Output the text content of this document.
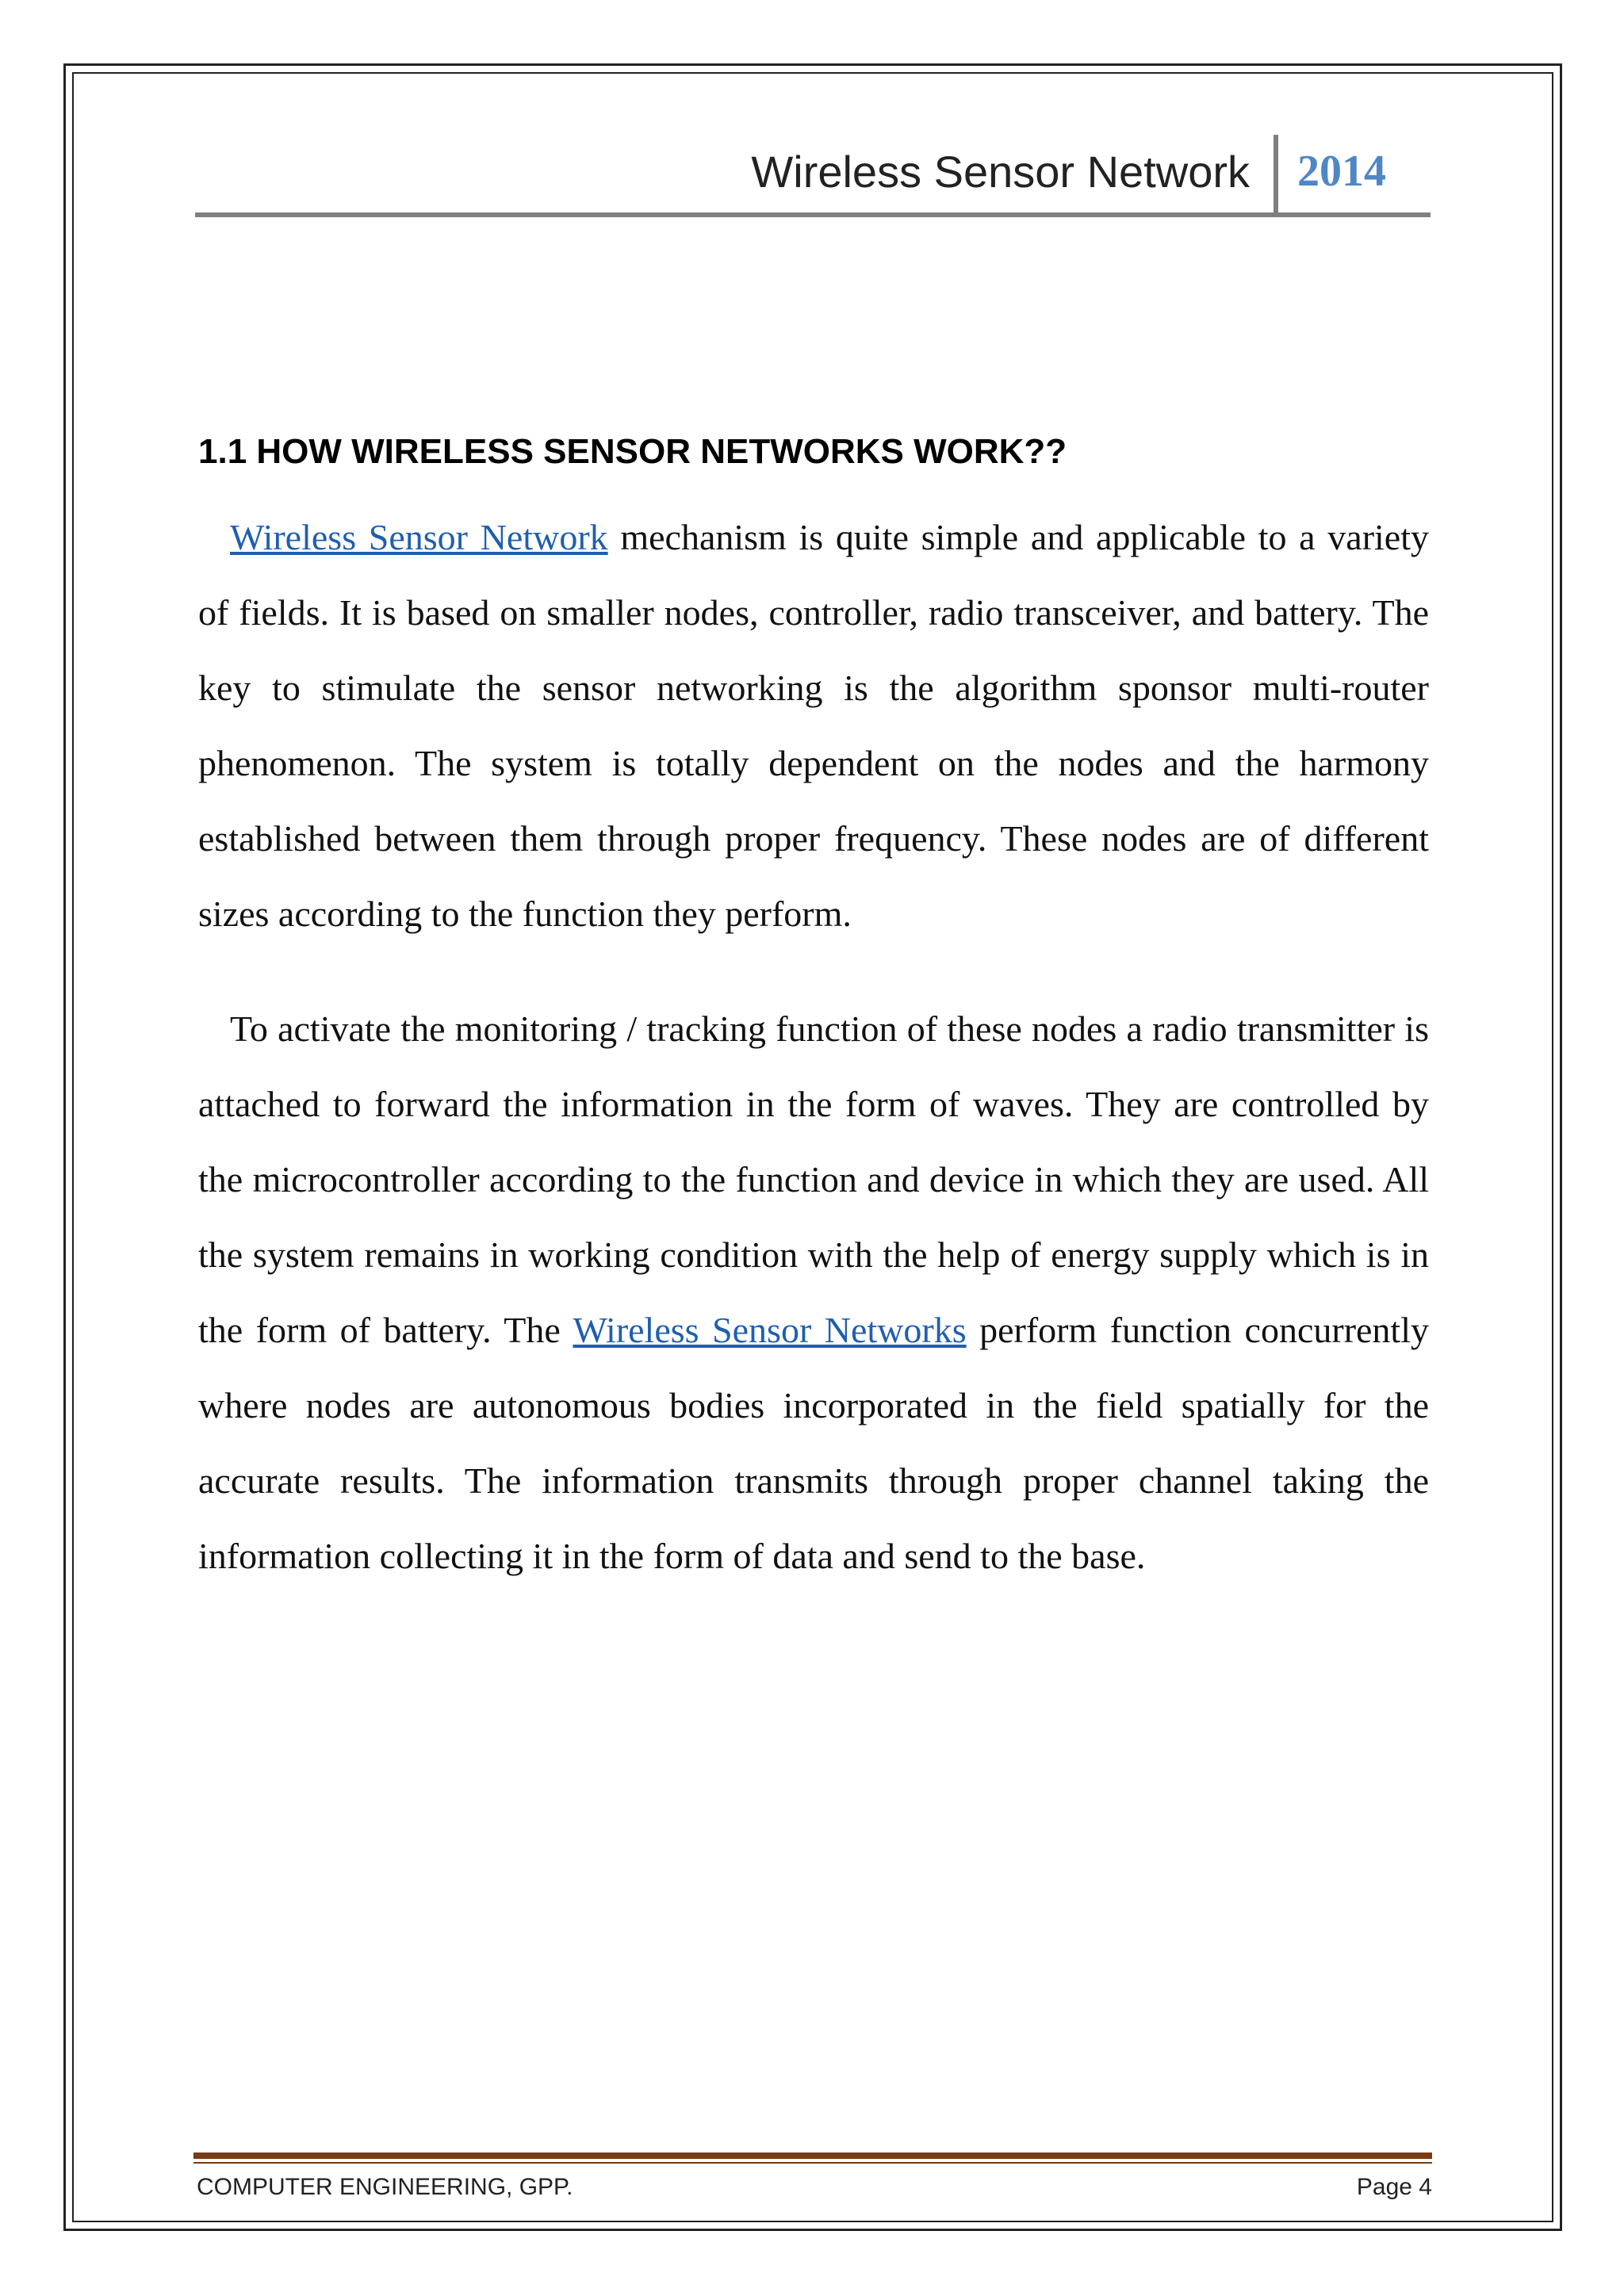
Wireless Sensor Network 2014
1.1 HOW WIRELESS SENSOR NETWORKS WORK??

Wireless Sensor Network mechanism is quite simple and applicable to a variety of fields. It is based on smaller nodes, controller, radio transceiver, and battery. The key to stimulate the sensor networking is the algorithm sponsor multi-router phenomenon. The system is totally dependent on the nodes and the harmony established between them through proper frequency. These nodes are of different sizes according to the function they perform.

To activate the monitoring / tracking function of these nodes a radio transmitter is attached to forward the information in the form of waves. They are controlled by the microcontroller according to the function and device in which they are used. All the system remains in working condition with the help of energy supply which is in the form of battery. The Wireless Sensor Networks perform function concurrently where nodes are autonomous bodies incorporated in the field spatially for the accurate results. The information transmits through proper channel taking the information collecting it in the form of data and send to the base.

COMPUTER ENGINEERING, GPP.	Page 4
